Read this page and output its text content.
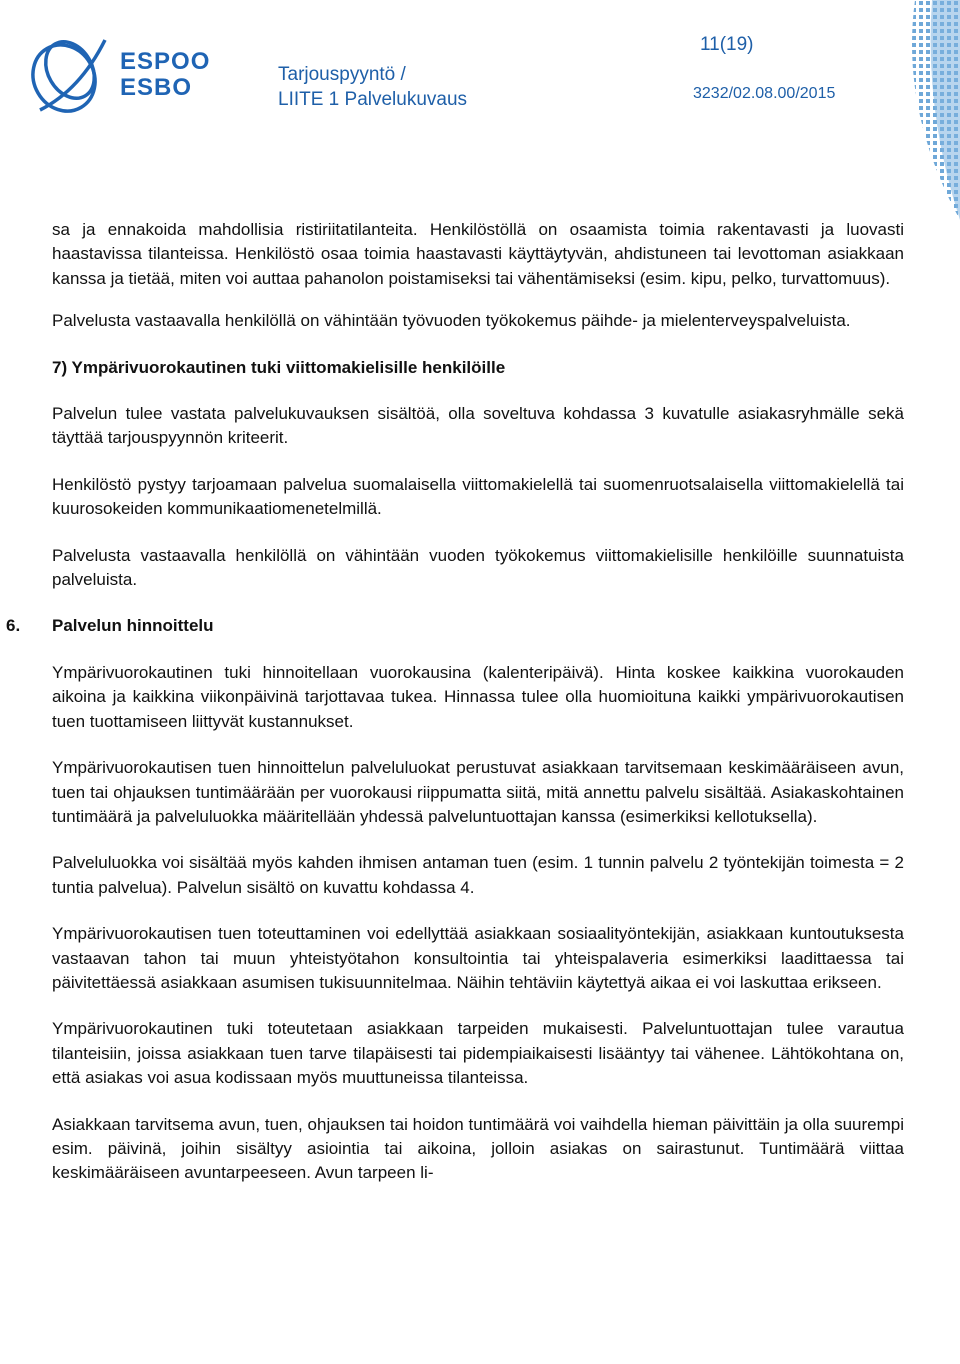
ESPOO
ESBO	Tarjouspyyntö /
LIITE 1 Palvelukuvaus
11(19)
3232/02.08.00/2015

sa ja ennakoida mahdollisia ristiriitatilanteita. Henkilöstöllä on osaamista toimia rakentavasti ja luovasti haastavissa tilanteissa. Henkilöstö osaa toimia haastavasti käyttäytyvän, ahdistuneen tai levottoman asiakkaan kanssa ja tietää, miten voi auttaa pahanolon poistamiseksi tai vähentämiseksi (esim. kipu, pelko, turvattomuus).

Palvelusta vastaavalla henkilöllä on vähintään työvuoden työkokemus päihde- ja mielenterveyspalveluista.

7) Ympärivuorokautinen tuki viittomakielisille henkilöille

Palvelun tulee vastata palvelukuvauksen sisältöä, olla soveltuva kohdassa 3 kuvatulle asiakasryhmälle sekä täyttää tarjouspyynnön kriteerit.

Henkilöstö pystyy tarjoamaan palvelua suomalaisella viittomakielellä tai suomenruotsalaisella viittomakielellä tai kuurosokeiden kommunikaatiomenetelmillä.

Palvelusta vastaavalla henkilöllä on vähintään vuoden työkokemus viittomakielisille henkilöille suunnatuista palveluista.

6. Palvelun hinnoittelu

Ympärivuorokautinen tuki hinnoitellaan vuorokausina (kalenteripäivä). Hinta koskee kaikkina vuorokauden aikoina ja kaikkina viikonpäivinä tarjottavaa tukea. Hinnassa tulee olla huomioituna kaikki ympärivuorokautisen tuen tuottamiseen liittyvät kustannukset.

Ympärivuorokautisen tuen hinnoittelun palveluluokat perustuvat asiakkaan tarvitsemaan keskimääräiseen avun, tuen tai ohjauksen tuntimäärään per vuorokausi riippumatta siitä, mitä annettu palvelu sisältää. Asiakaskohtainen tuntimäärä ja palveluluokka määritellään yhdessä palveluntuottajan kanssa (esimerkiksi kellotuksella).

Palveluluokka voi sisältää myös kahden ihmisen antaman tuen (esim. 1 tunnin palvelu 2 työntekijän toimesta = 2 tuntia palvelua). Palvelun sisältö on kuvattu kohdassa 4.

Ympärivuorokautisen tuen toteuttaminen voi edellyttää asiakkaan sosiaalityöntekijän, asiakkaan kuntoutuksesta vastaavan tahon tai muun yhteistyötahon konsultointia tai yhteispalaveria esimerkiksi laadittaessa tai päivitettäessä asiakkaan asumisen tukisuunnitelmaa. Näihin tehtäviin käytettyä aikaa ei voi laskuttaa erikseen.

Ympärivuorokautinen tuki toteutetaan asiakkaan tarpeiden mukaisesti. Palveluntuottajan tulee varautua tilanteisiin, joissa asiakkaan tuen tarve tilapäisesti tai pidempiaikaisesti lisääntyy tai vähenee. Lähtökohtana on, että asiakas voi asua kodissaan myös muuttuneissa tilanteissa.

Asiakkaan tarvitsema avun, tuen, ohjauksen tai hoidon tuntimäärä voi vaihdella hieman päivittäin ja olla suurempi esim. päivinä, joihin sisältyy asiointia tai aikoina, jolloin asiakas on sairastunut. Tuntimäärä viittaa keskimääräiseen avuntarpeeseen. Avun tarpeen li-
